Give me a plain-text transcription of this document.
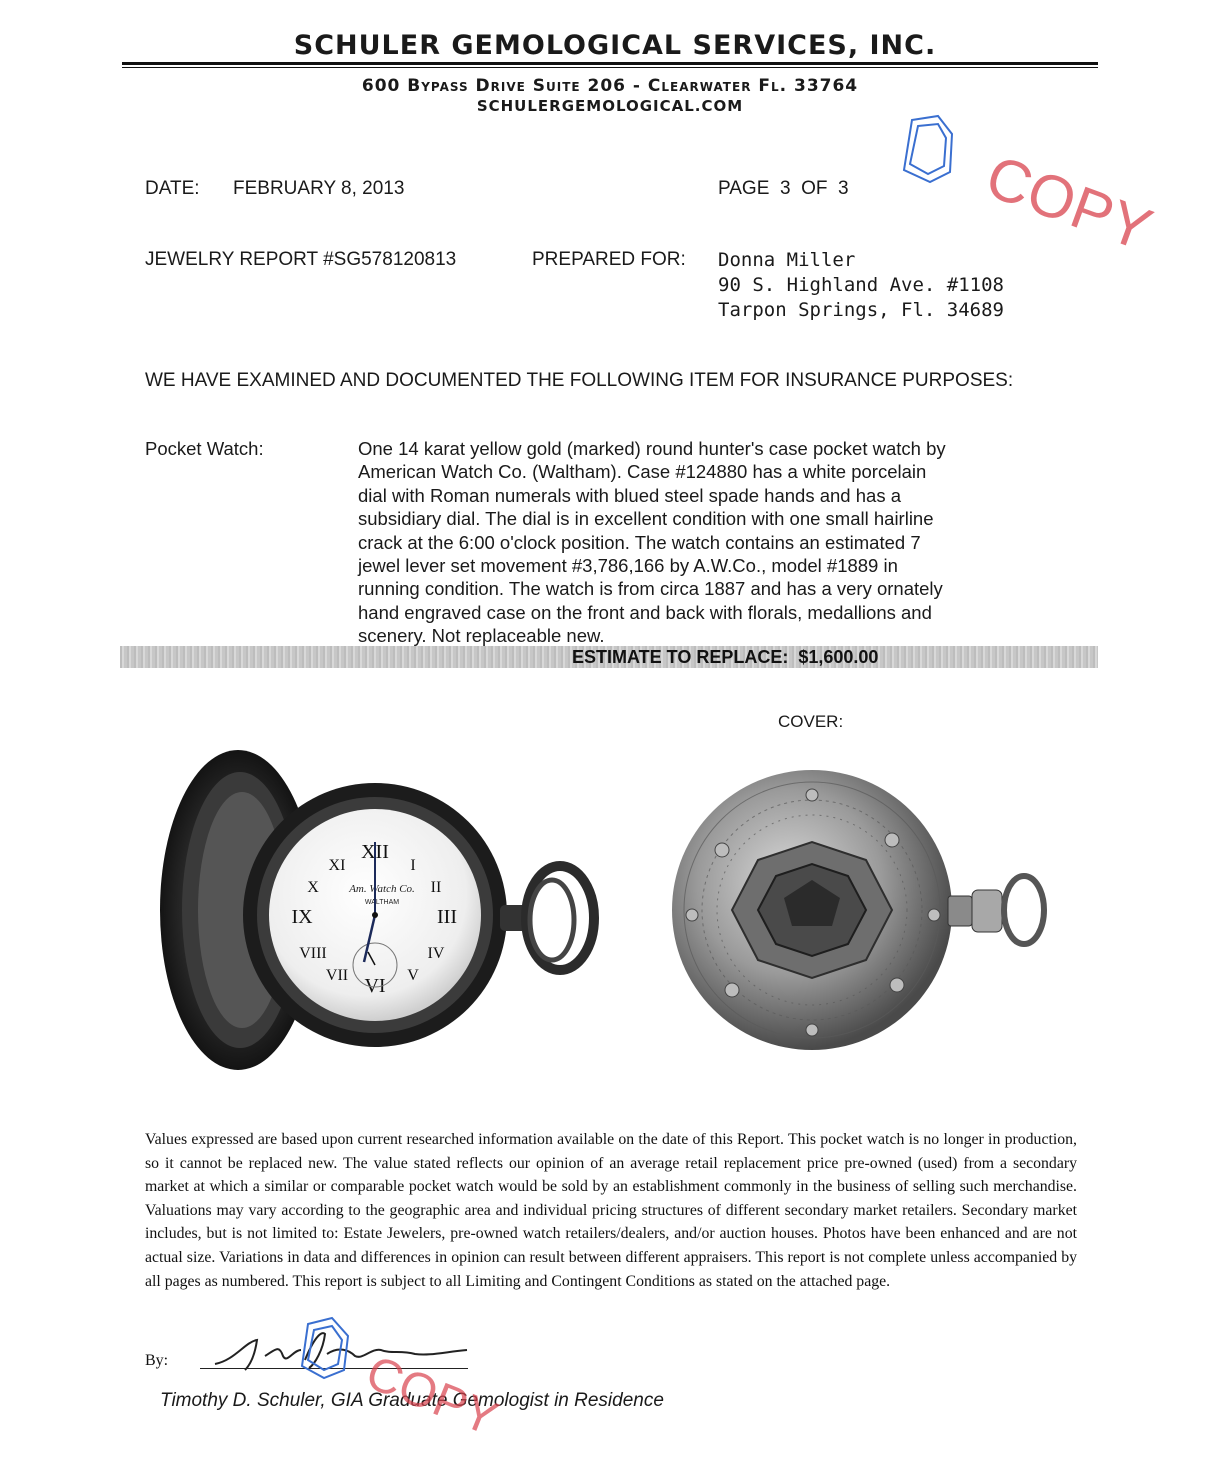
SCHULER GEMOLOGICAL SERVICES, INC.
600 Bypass Drive Suite 206 - Clearwater Fl. 33764
SCHULERGEMOLOGICAL.COM
COPY
DATE: FEBRUARY 8, 2013	PAGE 3 OF 3
JEWELRY REPORT #SG578120813	PREPARED FOR: Donna Miller
90 S. Highland Ave. #1108
Tarpon Springs, Fl. 34689
WE HAVE EXAMINED AND DOCUMENTED THE FOLLOWING ITEM FOR INSURANCE PURPOSES:
Pocket Watch:	One 14 karat yellow gold (marked) round hunter's case pocket watch by
American Watch Co. (Waltham). Case #124880 has a white porcelain
dial with Roman numerals with blued steel spade hands and has a
subsidiary dial. The dial is in excellent condition with one small hairline
crack at the 6:00 o'clock position. The watch contains an estimated 7
jewel lever set movement #3,786,166 by A.W.Co., model #1889 in
running condition. The watch is from circa 1887 and has a very ornately
hand engraved case on the front and back with florals, medallions and
scenery. Not replaceable new.
ESTIMATE TO REPLACE: $1,600.00
COVER:
XII
VI
III
IX
I
II
IV
V
VII
VIII
X
XI
Am. Watch Co.
WALTHAM
Values expressed are based upon current researched information available on the date of this Report. This pocket watch is no longer in production, so it cannot be replaced new. The value stated reflects our opinion of an average retail replacement price pre-owned (used) from a secondary market at which a similar or comparable pocket watch would be sold by an establishment commonly in the business of selling such merchandise. Valuations may vary according to the geographic area and individual pricing structures of different secondary market retailers. Secondary market includes, but is not limited to: Estate Jewelers, pre-owned watch retailers/dealers, and/or auction houses. Photos have been enhanced and are not actual size. Variations in data and differences in opinion can result between different appraisers. This report is not complete unless accompanied by all pages as numbered. This report is subject to all Limiting and Contingent Conditions as stated on the attached page.
By:
Timothy D. Schuler, GIA Graduate Gemologist in Residence
COPY
